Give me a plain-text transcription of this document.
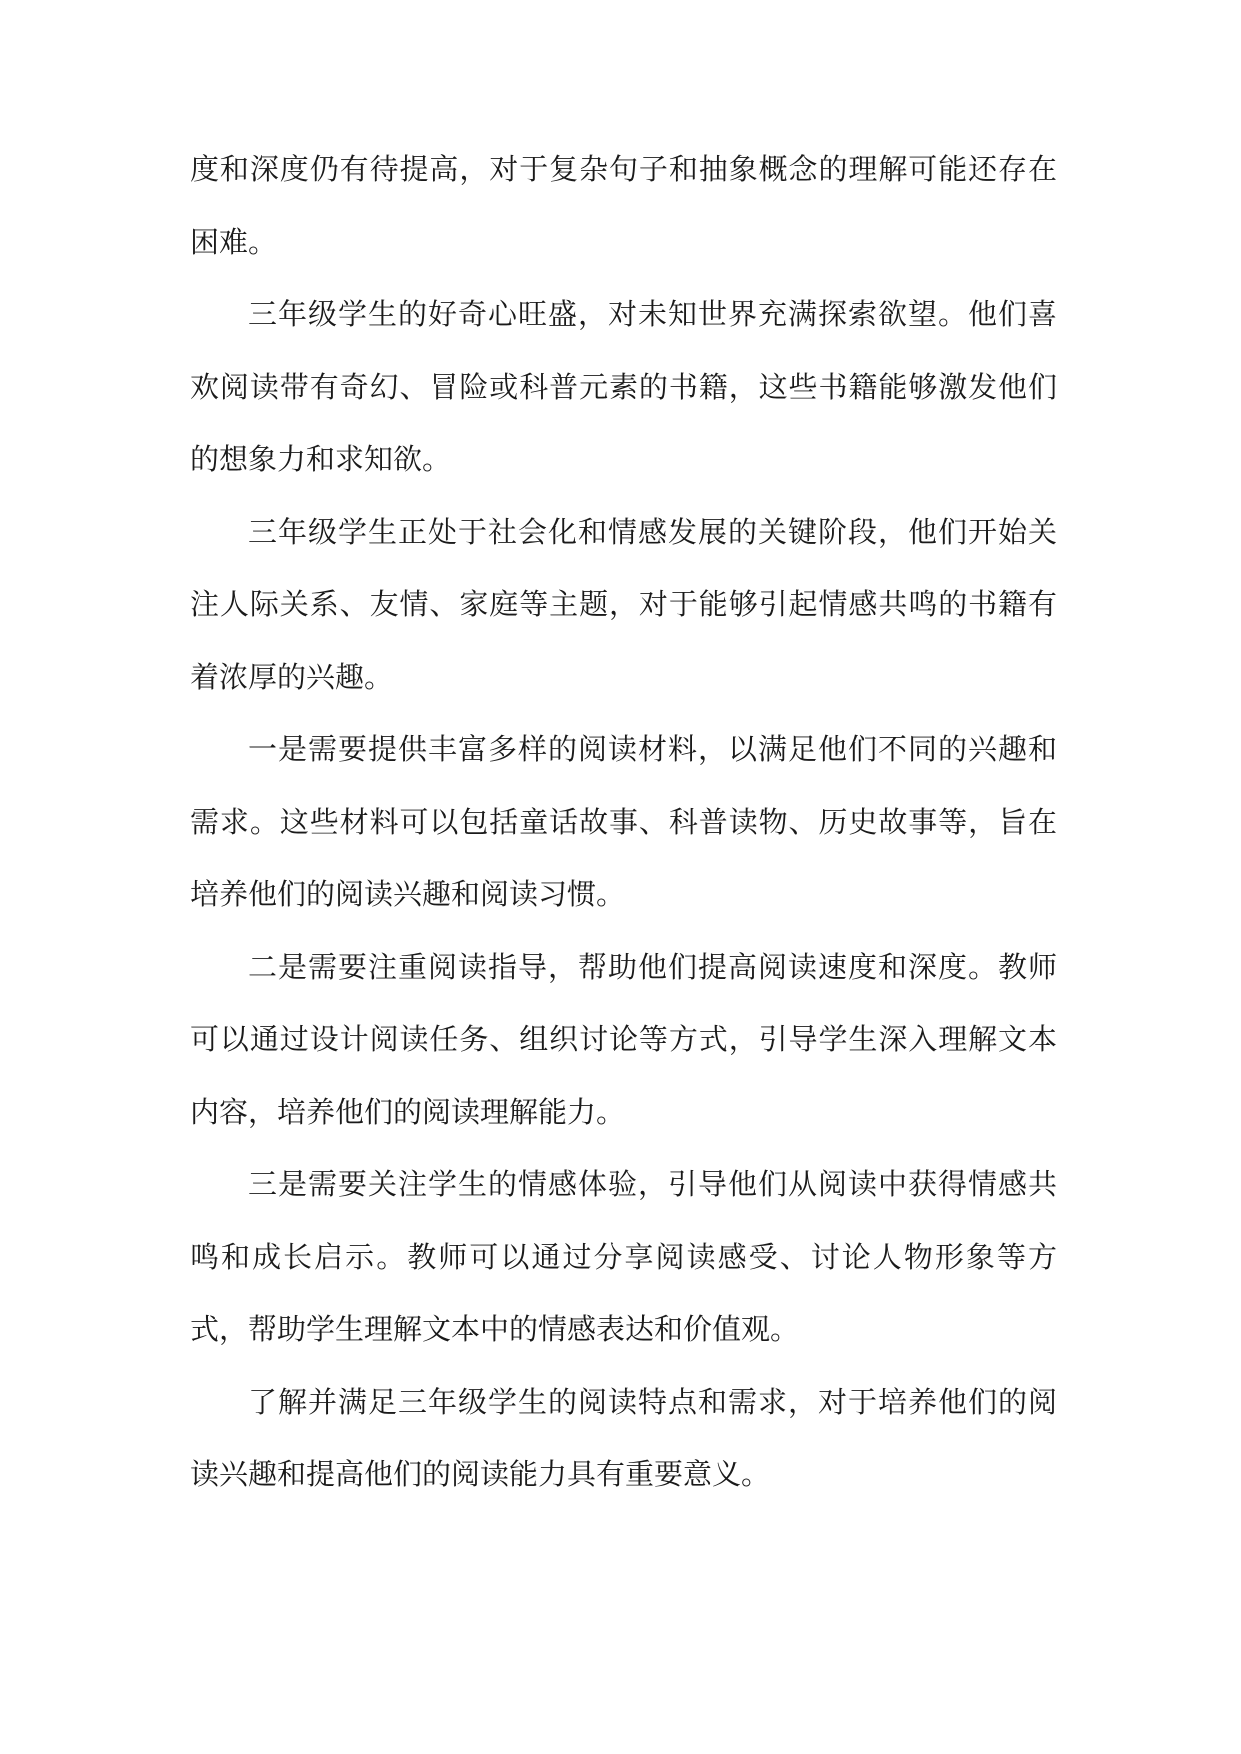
度和深度仍有待提高，对于复杂句子和抽象概念的理解可能还存在困难。

三年级学生的好奇心旺盛，对未知世界充满探索欲望。他们喜欢阅读带有奇幻、冒险或科普元素的书籍，这些书籍能够激发他们的想象力和求知欲。

三年级学生正处于社会化和情感发展的关键阶段，他们开始关注人际关系、友情、家庭等主题，对于能够引起情感共鸣的书籍有着浓厚的兴趣。

一是需要提供丰富多样的阅读材料，以满足他们不同的兴趣和需求。这些材料可以包括童话故事、科普读物、历史故事等，旨在培养他们的阅读兴趣和阅读习惯。

二是需要注重阅读指导，帮助他们提高阅读速度和深度。教师可以通过设计阅读任务、组织讨论等方式，引导学生深入理解文本内容，培养他们的阅读理解能力。

三是需要关注学生的情感体验，引导他们从阅读中获得情感共鸣和成长启示。教师可以通过分享阅读感受、讨论人物形象等方式，帮助学生理解文本中的情感表达和价值观。

了解并满足三年级学生的阅读特点和需求，对于培养他们的阅读兴趣和提高他们的阅读能力具有重要意义。
